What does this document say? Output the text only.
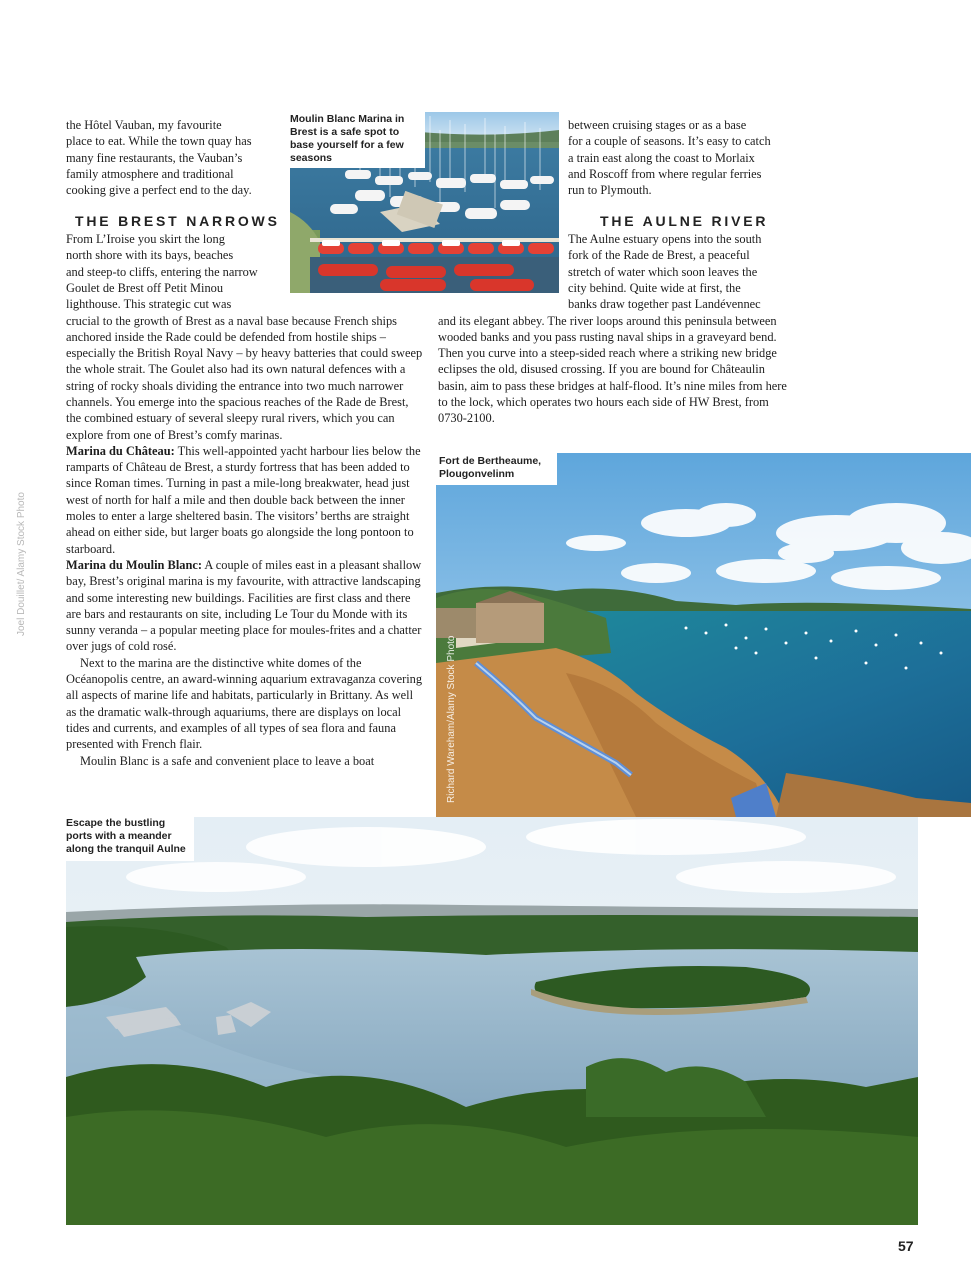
Joel Douillet/ Alamy Stock Photo
the Hôtel Vauban, my favourite
place to eat. While the town quay has
many fine restaurants, the Vauban’s
family atmosphere and traditional
cooking give a perfect end to the day.
THE BREST NARROWS
From L’Iroise you skirt the long
north shore with its bays, beaches
and steep-to cliffs, entering the narrow
Goulet de Brest off Petit Minou
lighthouse. This strategic cut was

crucial to the growth of Brest as a naval base because French ships anchored inside the Rade could be defended from hostile ships – especially the British Royal Navy – by heavy batteries that could sweep the whole strait. The Goulet also had its own natural defences with a string of rocky shoals dividing the entrance into two much narrower channels. You emerge into the spacious reaches of the Rade de Brest, the combined estuary of several sleepy rural rivers, which you can explore from one of Brest’s comfy marinas.

Marina du Château: This well-appointed yacht harbour lies below the ramparts of Château de Brest, a sturdy fortress that has been added to since Roman times. Turning in past a mile-long breakwater, head just west of north for half a mile and then double back between the inner moles to enter a large sheltered basin. The visitors’ berths are straight ahead on either side, but larger boats go alongside the long pontoon to starboard.

Marina du Moulin Blanc: A couple of miles east in a pleasant shallow bay, Brest’s original marina is my favourite, with attractive landscaping and some interesting new buildings. Facilities are first class and there are bars and restaurants on site, including Le Tour du Monde with its sunny veranda – a popular meeting place for moules-frites and a chatter over jugs of cold rosé.

Next to the marina are the distinctive white domes of the Océanopolis centre, an award-winning aquarium extravaganza covering all aspects of marine life and habitats, particularly in Brittany. As well as the dramatic walk-through aquariums, there are displays on local tides and currents, and examples of all types of sea flora and fauna presented with French flair.

Moulin Blanc is a safe and convenient place to leave a boat

Moulin Blanc Marina in Brest is a safe spot to base yourself for a few seasons
between cruising stages or as a base
for a couple of seasons. It’s easy to catch
a train east along the coast to Morlaix
and Roscoff from where regular ferries
run to Plymouth.
THE AULNE RIVER
The Aulne estuary opens into the south
fork of the Rade de Brest, a peaceful
stretch of water which soon leaves the
city behind. Quite wide at first, the
banks draw together past Landévennec

and its elegant abbey. The river loops around this peninsula between wooded banks and you pass rusting naval ships in a graveyard bend. Then you curve into a steep-sided reach where a striking new bridge eclipses the old, disused crossing. If you are bound for Châteaulin basin, aim to pass these bridges at half-flood. It’s nine miles from here to the lock, which operates two hours each side of HW Brest, from 0730-2100.

Fort de Bertheaume, Plougonvelinm
Richard Wareham/Alamy Stock Photo
Escape the bustling ports with a meander along the tranquil Aulne
57
